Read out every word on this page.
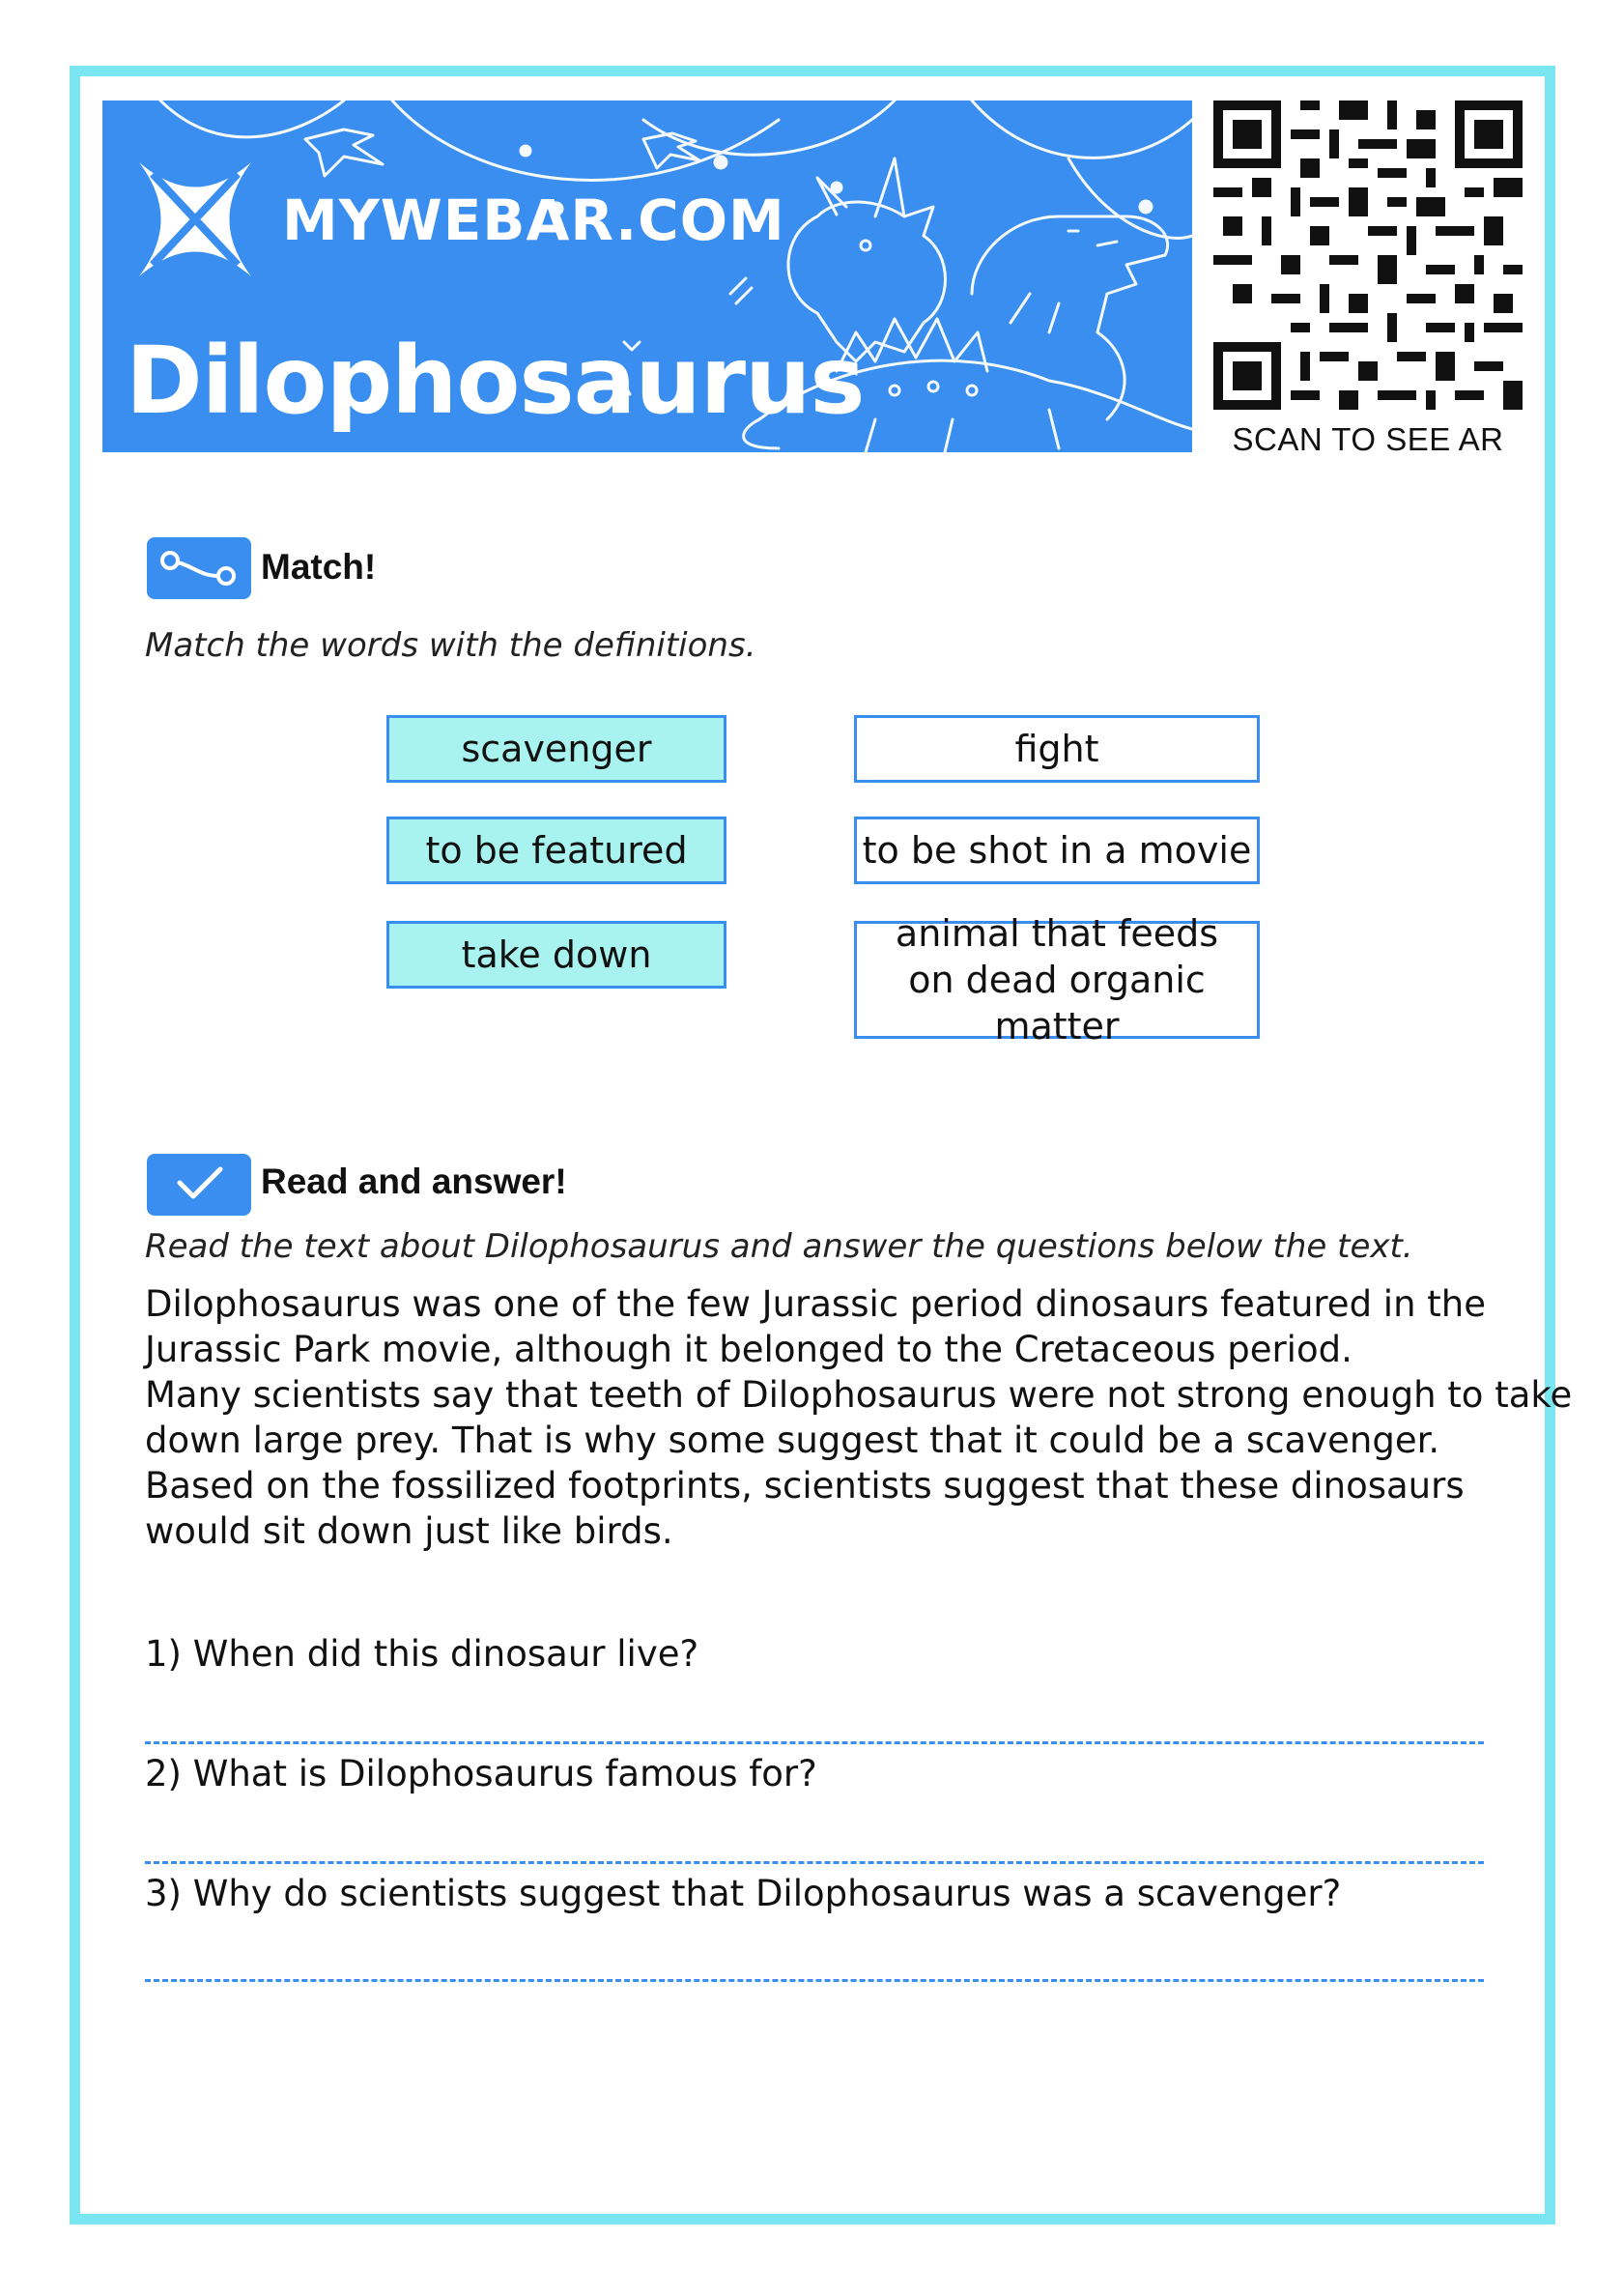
MYWEBAR.COM
Dilophosaurus
SCAN TO SEE AR
Match!
Match the words with the definitions.
scavenger
to be featured
take down
fight
to be shot in a movie
animal that feeds on dead organic matter
Read and answer!
Read the text about Dilophosaurus and answer the questions below the text.

Dilophosaurus was one of the few Jurassic period dinosaurs featured in the

Jurassic Park movie, although it belonged to the Cretaceous period.

Many scientists say that teeth of Dilophosaurus were not strong enough to take

down large prey. That is why some suggest that it could be a scavenger.

Based on the fossilized footprints, scientists suggest that these dinosaurs

would sit down just like birds.

1) When did this dinosaur live?
2) What is Dilophosaurus famous for?
3) Why do scientists suggest that Dilophosaurus was a scavenger?
